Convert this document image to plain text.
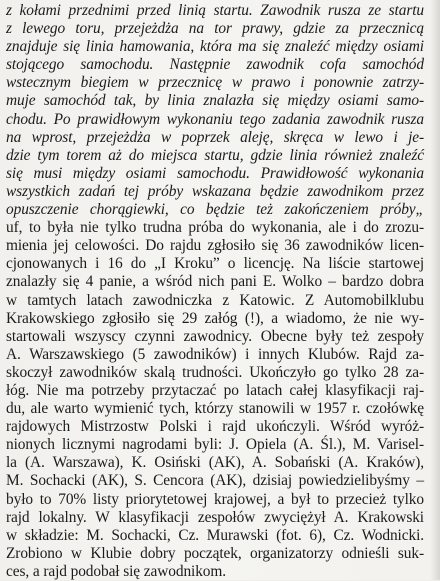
z kołami przednimi przed linią startu. Zawodnik rusza ze startu
z lewego toru, przejeżdża na tor prawy, gdzie za przecznicą
znajduje się linia hamowania, która ma się znaleźć między osiami
stojącego samochodu. Następnie zawodnik cofa samochód
wstecznym biegiem w przecznicę w prawo i ponownie zatrzy-
muje samochód tak, by linia znalazła się między osiami samo-
chodu. Po prawidłowym wykonaniu tego zadania zawodnik rusza
na wprost, przejeżdża w poprzek aleję, skręca w lewo i je-
dzie tym torem aż do miejsca startu, gdzie linia również znaleźć
się musi między osiami samochodu. Prawidłowość wykonania
wszystkich zadań tej próby wskazana będzie zawodnikom przez
opuszczenie chorągiewki, co będzie też zakończeniem próby„
uf, to była nie tylko trudna próba do wykonania, ale i do zrozu-
mienia jej celowości. Do rajdu zgłosiło się 36 zawodników licen-
cjonowanych i 16 do „I Kroku” o licencję. Na liście startowej
znalazły się 4 panie, a wśród nich pani E. Wolko – bardzo dobra
w tamtych latach zawodniczka z Katowic. Z Automobilklubu
Krakowskiego zgłosiło się 29 załóg (!), a wiadomo, że nie wy-
startowali wszyscy czynni zawodnicy. Obecne były też zespoły
A. Warszawskiego (5 zawodników) i innych Klubów. Rajd za-
skoczył zawodników skalą trudności. Ukończyło go tylko 28 za-
łóg. Nie ma potrzeby przytaczać po latach całej klasyfikacji raj-
du, ale warto wymienić tych, którzy stanowili w 1957 r. czołówkę
rajdowych Mistrzostw Polski i rajd ukończyli. Wśród wyróż-
nionych licznymi nagrodami byli: J. Opiela (A. Śl.), M. Varisel-
la (A. Warszawa), K. Osiński (AK), A. Sobański (A. Kraków),
M. Sochacki (AK), S. Cencora (AK), dzisiaj powiedzielibyśmy –
było to 70% listy priorytetowej krajowej, a był to przecież tylko
rajd lokalny. W klasyfikacji zespołów zwyciężył A. Krakowski
w składzie: M. Sochacki, Cz. Murawski (fot. 6), Cz. Wodnicki.
Zrobiono w Klubie dobry początek, organizatorzy odnieśli suk-
ces, a rajd podobał się zawodnikom.
